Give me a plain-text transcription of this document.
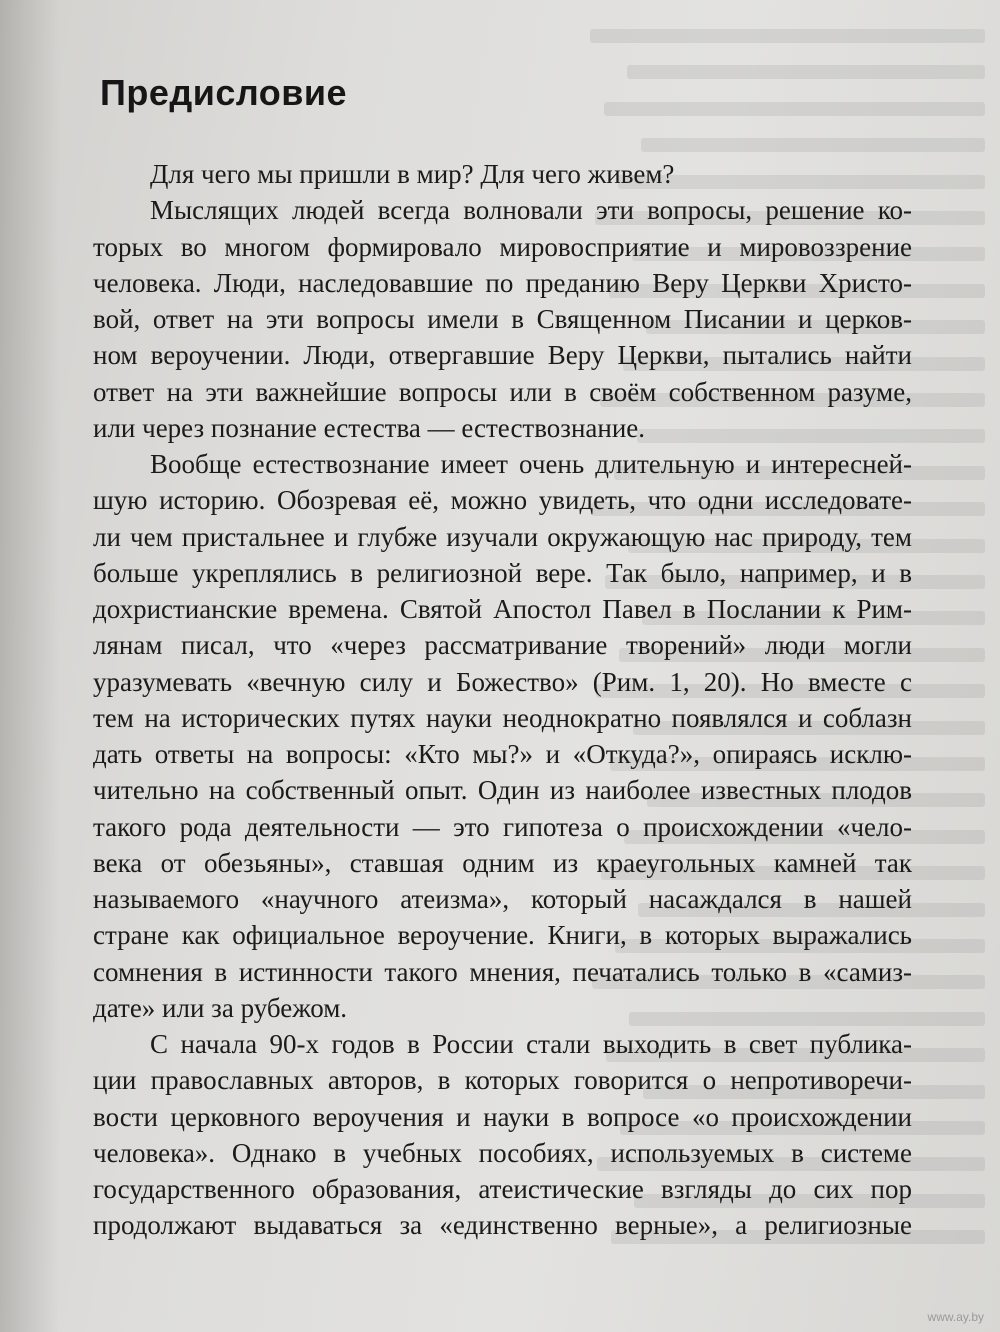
Предисловие
Для чего мы пришли в мир? Для чего живем?
Мыслящих людей всегда волновали эти вопросы, решение ко-
торых во многом формировало мировосприятие и мировоззрение
человека. Люди, наследовавшие по преданию Веру Церкви Христо-
вой, ответ на эти вопросы имели в Священном Писании и церков-
ном вероучении. Люди, отвергавшие Веру Церкви, пытались найти
ответ на эти важнейшие вопросы или в своём собственном разуме,
или через познание естества — естествознание.
Вообще естествознание имеет очень длительную и интересней-
шую историю. Обозревая её, можно увидеть, что одни исследовате-
ли чем пристальнее и глубже изучали окружающую нас природу, тем
больше укреплялись в религиозной вере. Так было, например, и в
дохристианские времена. Святой Апостол Павел в Послании к Рим-
лянам писал, что «через рассматривание творений» люди могли
уразумевать «вечную силу и Божество» (Рим. 1, 20). Но вместе с
тем на исторических путях науки неоднократно появлялся и соблазн
дать ответы на вопросы: «Кто мы?» и «Откуда?», опираясь исклю-
чительно на собственный опыт. Один из наиболее известных плодов
такого рода деятельности — это гипотеза о происхождении «чело-
века от обезьяны», ставшая одним из краеугольных камней так
называемого «научного атеизма», который насаждался в нашей
стране как официальное вероучение. Книги, в которых выражались
сомнения в истинности такого мнения, печатались только в «самиз-
дате» или за рубежом.
С начала 90-х годов в России стали выходить в свет публика-
ции православных авторов, в которых говорится о непротиворечи-
вости церковного вероучения и науки в вопросе «о происхождении
человека». Однако в учебных пособиях, используемых в системе
государственного образования, атеистические взгляды до сих пор
продолжают выдаваться за «единственно верные», а религиозные
www.ay.by
